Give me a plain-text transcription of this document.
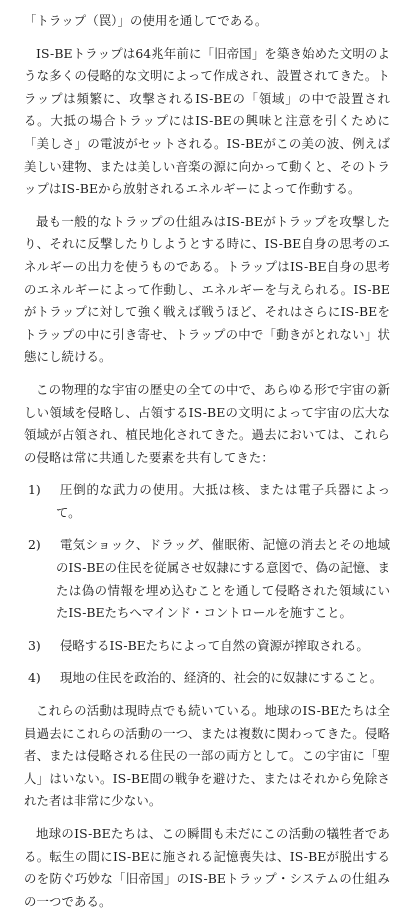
「トラップ（罠）」の使用を通してである。

IS-BEトラップは64兆年前に「旧帝国」を築き始めた文明のような多くの侵略的な文明によって作成され、設置されてきた。トラップは頻繁に、攻撃されるIS-BEの「領域」の中で設置される。大抵の場合トラップにはIS-BEの興味と注意を引くために「美しさ」の電波がセットされる。IS-BEがこの美の波、例えば美しい建物、または美しい音楽の源に向かって動くと、そのトラップはIS-BEから放射されるエネルギーによって作動する。

最も一般的なトラップの仕組みはIS-BEがトラップを攻撃したり、それに反撃したりしようとする時に、IS-BE自身の思考のエネルギーの出力を使うものである。トラップはIS-BE自身の思考のエネルギーによって作動し、エネルギーを与えられる。IS-BEがトラップに対して強く戦えば戦うほど、それはさらにIS-BEをトラップの中に引き寄せ、トラップの中で「動きがとれない」状態にし続ける。

この物理的な宇宙の歴史の全ての中で、あらゆる形で宇宙の新しい領域を侵略し、占領するIS-BEの文明によって宇宙の広大な領域が占領され、植民地化されてきた。過去においては、これらの侵略は常に共通した要素を共有してきた：

1)	圧倒的な武力の使用。大抵は核、または電子兵器によって。
2)	電気ショック、ドラッグ、催眠術、記憶の消去とその地域のIS-BEの住民を従属させ奴隷にする意図で、偽の記憶、または偽の情報を埋め込むことを通して侵略された領域にいたIS-BEたちへマインド・コントロールを施すこと。
3)	侵略するIS-BEたちによって自然の資源が搾取される。
4)	現地の住民を政治的、経済的、社会的に奴隷にすること。

これらの活動は現時点でも続いている。地球のIS-BEたちは全員過去にこれらの活動の一つ、または複数に関わってきた。侵略者、または侵略される住民の一部の両方として。この宇宙に「聖人」はいない。IS-BE間の戦争を避けた、またはそれから免除された者は非常に少ない。

地球のIS-BEたちは、この瞬間も未だにこの活動の犠牲者である。転生の間にIS-BEに施される記憶喪失は、IS-BEが脱出するのを防ぐ巧妙な「旧帝国」のIS-BEトラップ・システムの仕組みの一つである。
